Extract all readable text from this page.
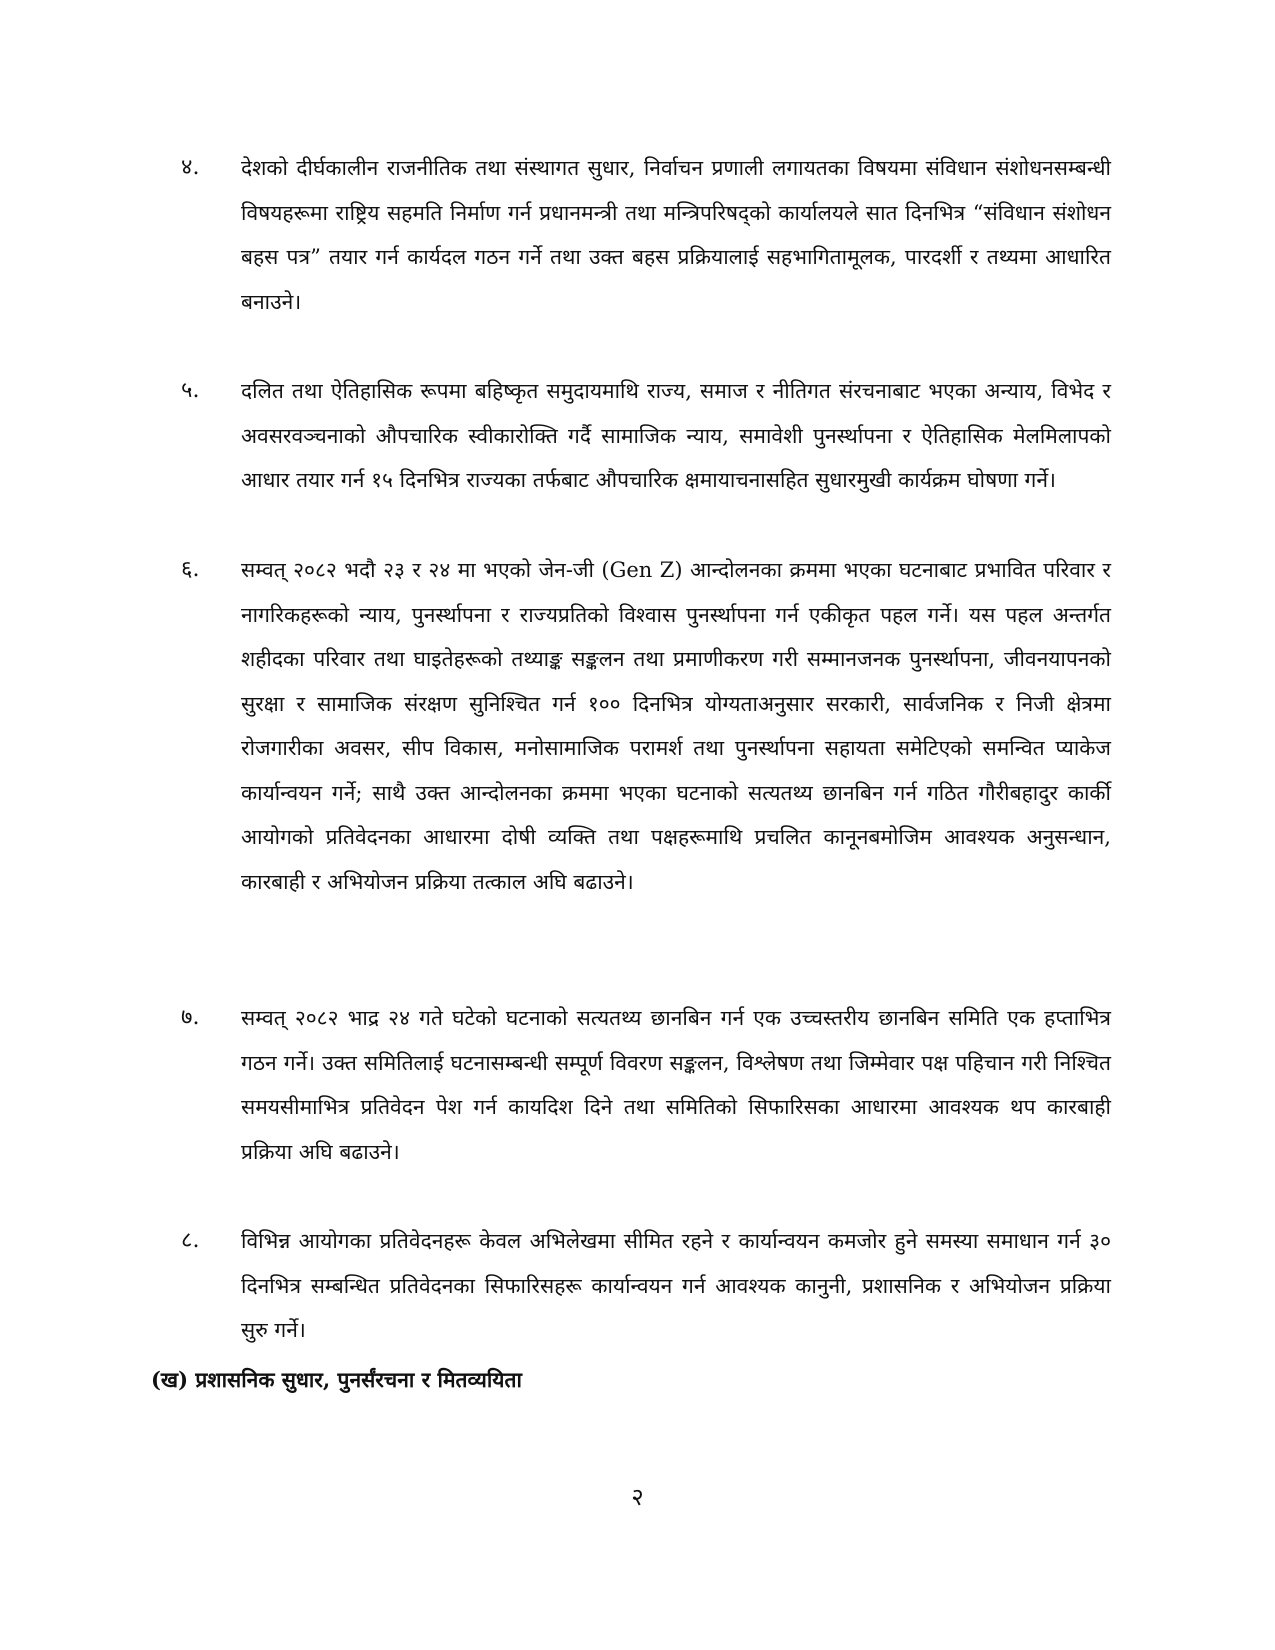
४. देशको दीर्घकालीन राजनीतिक तथा संस्थागत सुधार, निर्वाचन प्रणाली लगायतका विषयमा संविधान संशोधनसम्बन्धी विषयहरूमा राष्ट्रिय सहमति निर्माण गर्न प्रधानमन्त्री तथा मन्त्रिपरिषद्को कार्यालयले सात दिनभित्र “संविधान संशोधन बहस पत्र” तयार गर्न कार्यदल गठन गर्ने तथा उक्त बहस प्रक्रियालाई सहभागितामूलक, पारदर्शी र तथ्यमा आधारित बनाउने।
५. दलित तथा ऐतिहासिक रूपमा बहिष्कृत समुदायमाथि राज्य, समाज र नीतिगत संरचनाबाट भएका अन्याय, विभेद र अवसरवञ्चनाको औपचारिक स्वीकारोक्ति गर्दै सामाजिक न्याय, समावेशी पुनर्स्थापना र ऐतिहासिक मेलमिलापको आधार तयार गर्न १५ दिनभित्र राज्यका तर्फबाट औपचारिक क्षमायाचनासहित सुधारमुखी कार्यक्रम घोषणा गर्ने।
६. सम्वत् २०८२ भदौ २३ र २४ मा भएको जेन-जी (Gen Z) आन्दोलनका क्रममा भएका घटनाबाट प्रभावित परिवार र नागरिकहरूको न्याय, पुनर्स्थापना र राज्यप्रतिको विश्वास पुनर्स्थापना गर्न एकीकृत पहल गर्ने। यस पहल अन्तर्गत शहीदका परिवार तथा घाइतेहरूको तथ्याङ्क सङ्कलन तथा प्रमाणीकरण गरी सम्मानजनक पुनर्स्थापना, जीवनयापनको सुरक्षा र सामाजिक संरक्षण सुनिश्चित गर्न १०० दिनभित्र योग्यताअनुसार सरकारी, सार्वजनिक र निजी क्षेत्रमा रोजगारीका अवसर, सीप विकास, मनोसामाजिक परामर्श तथा पुनर्स्थापना सहायता समेटिएको समन्वित प्याकेज कार्यान्वयन गर्ने; साथै उक्त आन्दोलनका क्रममा भएका घटनाको सत्यतथ्य छानबिन गर्न गठित गौरीबहादुर कार्की आयोगको प्रतिवेदनका आधारमा दोषी व्यक्ति तथा पक्षहरूमाथि प्रचलित कानूनबमोजिम आवश्यक अनुसन्धान, कारबाही र अभियोजन प्रक्रिया तत्काल अघि बढाउने।
७. सम्वत् २०८२ भाद्र २४ गते घटेको घटनाको सत्यतथ्य छानबिन गर्न एक उच्चस्तरीय छानबिन समिति एक हप्ताभित्र गठन गर्ने। उक्त समितिलाई घटनासम्बन्धी सम्पूर्ण विवरण सङ्कलन, विश्लेषण तथा जिम्मेवार पक्ष पहिचान गरी निश्चित समयसीमाभित्र प्रतिवेदन पेश गर्न कायदिश दिने तथा समितिको सिफारिसका आधारमा आवश्यक थप कारबाही प्रक्रिया अघि बढाउने।
८. विभिन्न आयोगका प्रतिवेदनहरू केवल अभिलेखमा सीमित रहने र कार्यान्वयन कमजोर हुने समस्या समाधान गर्न ३० दिनभित्र सम्बन्धित प्रतिवेदनका सिफारिसहरू कार्यान्वयन गर्न आवश्यक कानुनी, प्रशासनिक र अभियोजन प्रक्रिया सुरु गर्ने।
(ख) प्रशासनिक सुधार, पुनर्संरचना र मितव्ययिता
२
